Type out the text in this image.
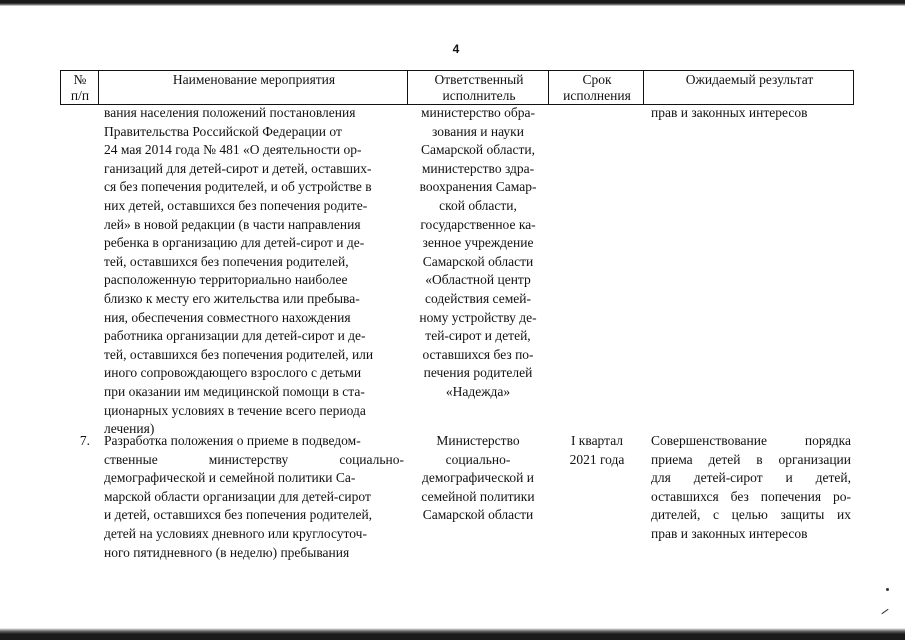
4
№
п/п
Наименование мероприятия	Ответственный
исполнитель
Срок
исполнения
Ожидаемый результат
вания населения положений постановления
Правительства Российской Федерации от
24 мая 2014 года № 481 «О деятельности ор-
ганизаций для детей-сирот и детей, оставших-
ся без попечения родителей, и об устройстве в
них детей, оставшихся без попечения родите-
лей» в новой редакции (в части направления
ребенка в организацию для детей-сирот и де-
тей, оставшихся без попечения родителей,
расположенную территориально наиболее
близко к месту его жительства или пребыва-
ния, обеспечения совместного нахождения
работника организации для детей-сирот и де-
тей, оставшихся без попечения родителей, или
иного сопровождающего взрослого с детьми
при оказании им медицинской помощи в ста-
ционарных условиях в течение всего периода
лечения)
министерство обра-
зования и науки
Самарской области,
министерство здра-
воохранения Самар-
ской области,
государственное ка-
зенное учреждение
Самарской области
«Областной центр
содействия семей-
ному устройству де-
тей-сирот и детей,
оставшихся без по-
печения родителей
«Надежда»
прав и законных интересов
7. Разработка положения о приеме в подведом-
ственные министерству социально-
демографической и семейной политики Са-
марской области организации для детей-сирот
и детей, оставшихся без попечения родителей,
детей на условиях дневного или круглосуточ-
ного пятидневного (в неделю) пребывания
Министерство
социально-
демографической и
семейной политики
Самарской области
I квартал
2021 года
Совершенствование порядка
приема детей в организации
для детей-сирот и детей,
оставшихся без попечения ро-
дителей, с целью защиты их
прав и законных интересов
